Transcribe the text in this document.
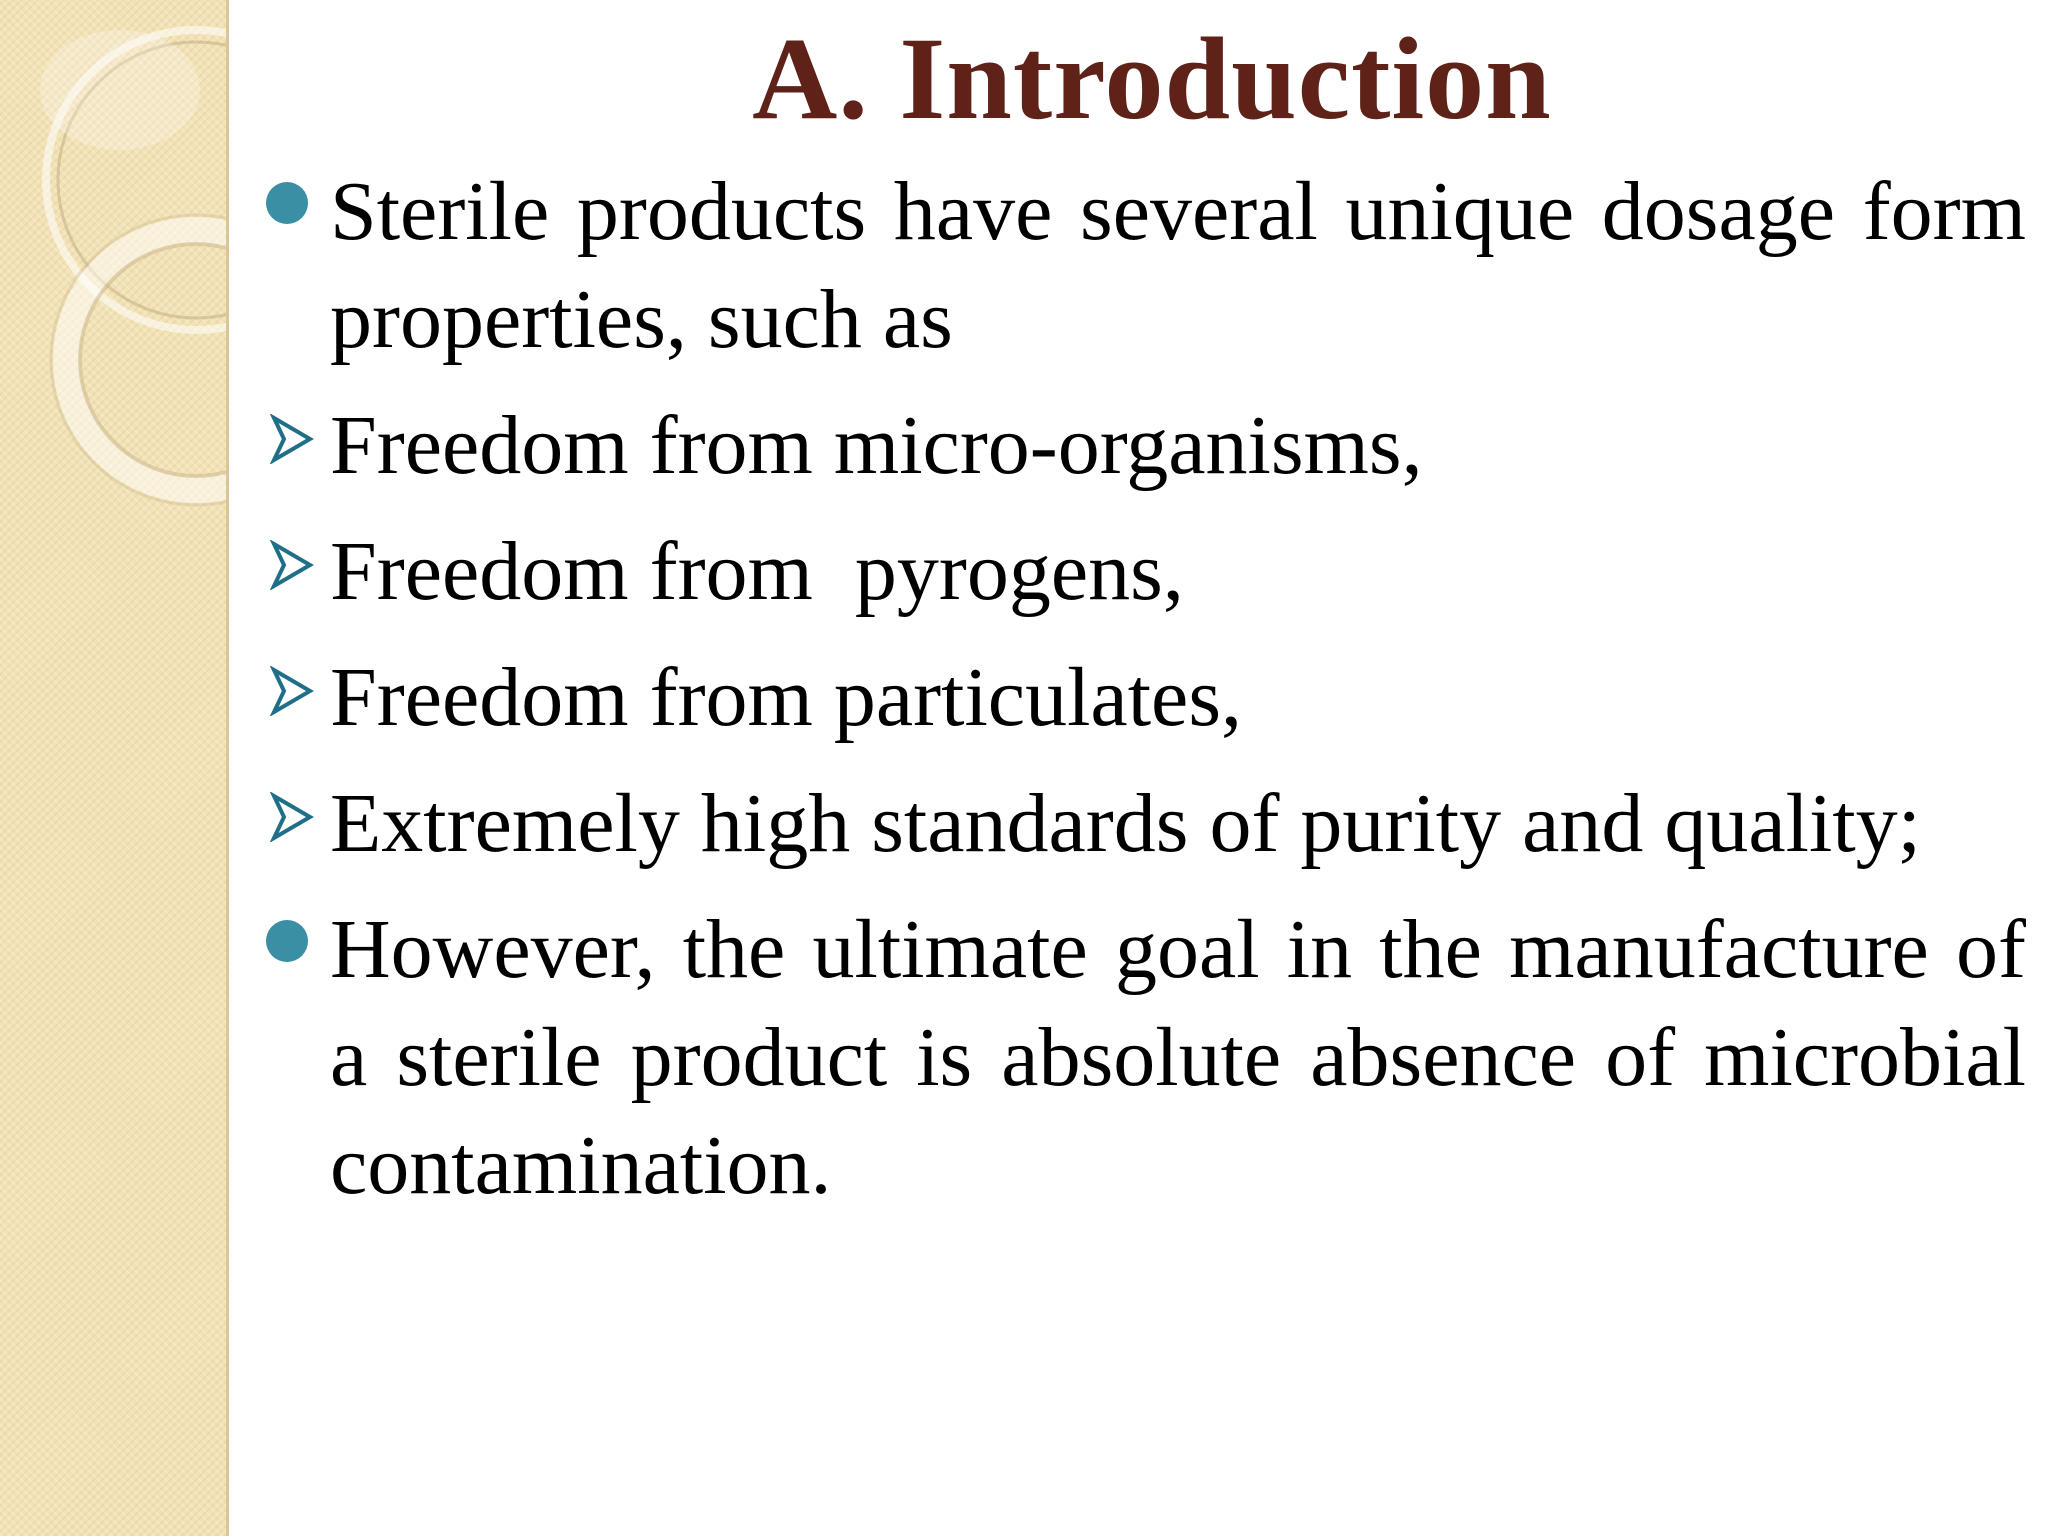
A. Introduction
Sterile products have several unique dosage form properties, such as
Freedom from micro-organisms,
Freedom from  pyrogens,
Freedom from particulates,
Extremely high standards of purity and quality;
However, the ultimate goal in the manufacture of a sterile product is absolute absence of microbial contamination.
